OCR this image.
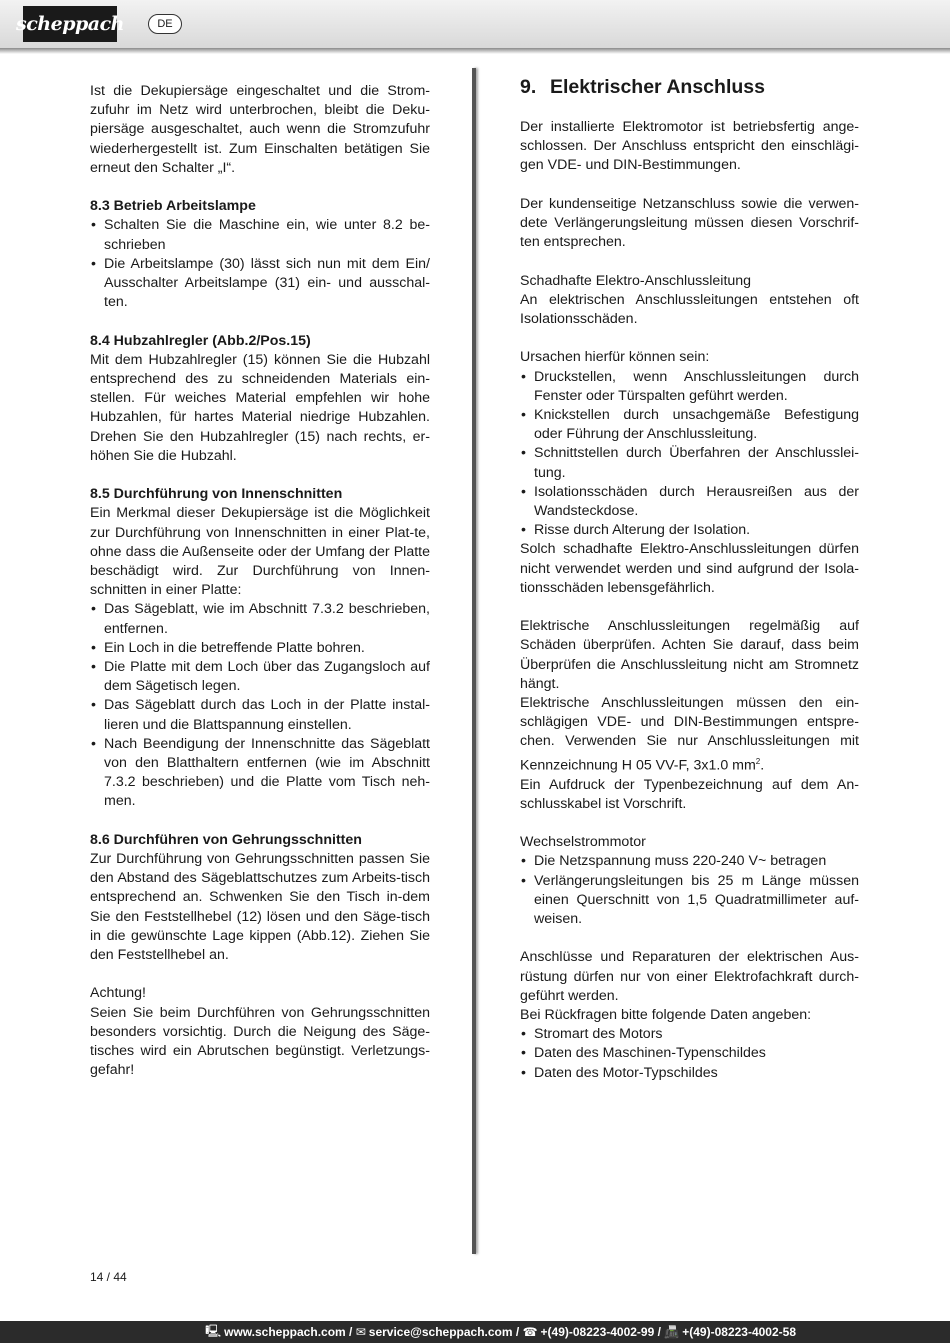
scheppach	DE

Ist die Dekupiersäge eingeschaltet und die Strom-zufuhr im Netz wird unterbrochen, bleibt die Deku-piersäge ausgeschaltet, auch wenn die Stromzufuhr wiederhergestellt ist. Zum Einschalten betätigen Sie erneut den Schalter „I“.

8.3 Betrieb Arbeitslampe
• Schalten Sie die Maschine ein, wie unter 8.2 be-schrieben
• Die Arbeitslampe (30) lässt sich nun mit dem Ein/ Ausschalter Arbeitslampe (31) ein- und ausschal-ten.
8.4 Hubzahlregler (Abb.2/Pos.15)

Mit dem Hubzahlregler (15) können Sie die Hubzahl entsprechend des zu schneidenden Materials ein-stellen. Für weiches Material empfehlen wir hohe Hubzahlen, für hartes Material niedrige Hubzahlen. Drehen Sie den Hubzahlregler (15) nach rechts, er-höhen Sie die Hubzahl.

8.5 Durchführung von Innenschnitten

Ein Merkmal dieser Dekupiersäge ist die Möglichkeit zur Durchführung von Innenschnitten in einer Plat-te, ohne dass die Außenseite oder der Umfang der Platte beschädigt wird. Zur Durchführung von Innen-schnitten in einer Platte:

• Das Sägeblatt, wie im Abschnitt 7.3.2 beschrieben, entfernen.
• Ein Loch in die betreffende Platte bohren.
• Die Platte mit dem Loch über das Zugangsloch auf dem Sägetisch legen.
• Das Sägeblatt durch das Loch in der Platte instal-lieren und die Blattspannung einstellen.
• Nach Beendigung der Innenschnitte das Sägeblatt von den Blatthaltern entfernen (wie im Abschnitt 7.3.2 beschrieben) und die Platte vom Tisch neh-men.
8.6 Durchführen von Gehrungsschnitten

Zur Durchführung von Gehrungsschnitten passen Sie den Abstand des Sägeblattschutzes zum Arbeits-tisch entsprechend an. Schwenken Sie den Tisch in-dem Sie den Feststellhebel (12) lösen und den Säge-tisch in die gewünschte Lage kippen (Abb.12). Ziehen Sie den Feststellhebel an.

Achtung!

Seien Sie beim Durchführen von Gehrungsschnitten besonders vorsichtig. Durch die Neigung des Säge-tisches wird ein Abrutschen begünstigt. Verletzungs-gefahr!

9. Elektrischer Anschluss

Der installierte Elektromotor ist betriebsfertig ange-schlossen. Der Anschluss entspricht den einschlägi-gen VDE- und DIN-Bestimmungen.

Der kundenseitige Netzanschluss sowie die verwen-dete Verlängerungsleitung müssen diesen Vorschrif-ten entsprechen.

Schadhafte Elektro-Anschlussleitung

An elektrischen Anschlussleitungen entstehen oft Isolationsschäden.

Ursachen hierfür können sein:
• Druckstellen, wenn Anschlussleitungen durch Fenster oder Türspalten geführt werden.
• Knickstellen durch unsachgemäße Befestigung oder Führung der Anschlussleitung.
• Schnittstellen durch Überfahren der Anschlusslei-tung.
• Isolationsschäden durch Herausreißen aus der Wandsteckdose.
• Risse durch Alterung der Isolation.

Solch schadhafte Elektro-Anschlussleitungen dürfen nicht verwendet werden und sind aufgrund der Isola-tionsschäden lebensgefährlich.

Elektrische Anschlussleitungen regelmäßig auf Schäden überprüfen. Achten Sie darauf, dass beim Überprüfen die Anschlussleitung nicht am Stromnetz hängt.

Elektrische Anschlussleitungen müssen den ein-schlägigen VDE- und DIN-Bestimmungen entspre-chen. Verwenden Sie nur Anschlussleitungen mit Kennzeichnung H 05 VV-F, 3x1.0 $mm^2$.

Ein Aufdruck der Typenbezeichnung auf dem An-schlusskabel ist Vorschrift.

Wechselstrommotor
• Die Netzspannung muss 220-240 V~ betragen
• Verlängerungsleitungen bis 25 m Länge müssen einen Querschnitt von 1,5 Quadratmillimeter auf-weisen.

Anschlüsse und Reparaturen der elektrischen Aus-rüstung dürfen nur von einer Elektrofachkraft durch-geführt werden.

Bei Rückfragen bitte folgende Daten angeben:
• Stromart des Motors
• Daten des Maschinen-Typenschildes
• Daten des Motor-Typschildes
14 / 44
🖳 www.scheppach.com /
✉ service@scheppach.com /
☎ +(49)-08223-4002-99 /
📠 +(49)-08223-4002-58
